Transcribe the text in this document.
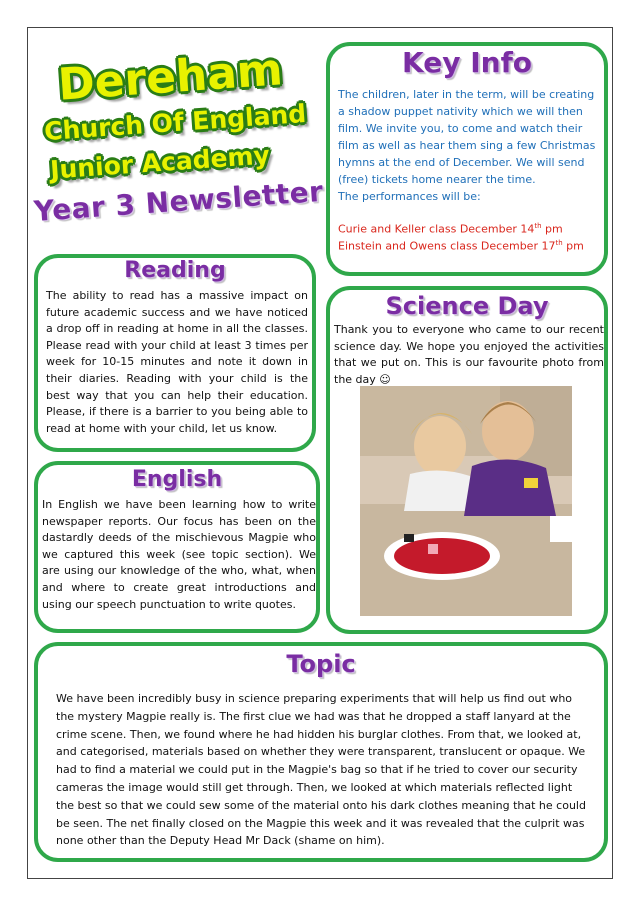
Dereham
Church Of England
Junior Academy
Year 3 Newsletter
Key Info
The children, later in the term, will be creating a shadow puppet nativity which we will then film. We invite you, to come and watch their film as well as hear them sing a few Christmas hymns at the end of December. We will send (free) tickets home nearer the time.
The performances will be:
Curie and Keller class December 14th pm
Einstein and Owens class December 17th pm
Reading
The ability to read has a massive impact on future academic success and we have noticed a drop off in reading at home in all the classes. Please read with your child at least 3 times per week for 10-15 minutes and note it down in their diaries. Reading with your child is the best way that you can help their education. Please, if there is a barrier to you being able to read at home with your child, let us know.
Science Day
Thank you to everyone who came to our recent science day. We hope you enjoyed the activities that we put on. This is our favourite photo from the day ☺
English
In English we have been learning how to write newspaper reports. Our focus has been on the dastardly deeds of the mischievous Magpie who we captured this week (see topic section). We are using our knowledge of the who, what, when and where to create great introductions and using our speech punctuation to write quotes.
Topic
We have been incredibly busy in science preparing experiments that will help us find out who the mystery Magpie really is. The first clue we had was that he dropped a staff lanyard at the crime scene. Then, we found where he had hidden his burglar clothes. From that, we looked at, and categorised, materials based on whether they were transparent, translucent or opaque. We had to find a material we could put in the Magpie's bag so that if he tried to cover our security cameras the image would still get through. Then, we looked at which materials reflected light the best so that we could sew some of the material onto his dark clothes meaning that he could be seen. The net finally closed on the Magpie this week and it was revealed that the culprit was none other than the Deputy Head Mr Dack (shame on him).
